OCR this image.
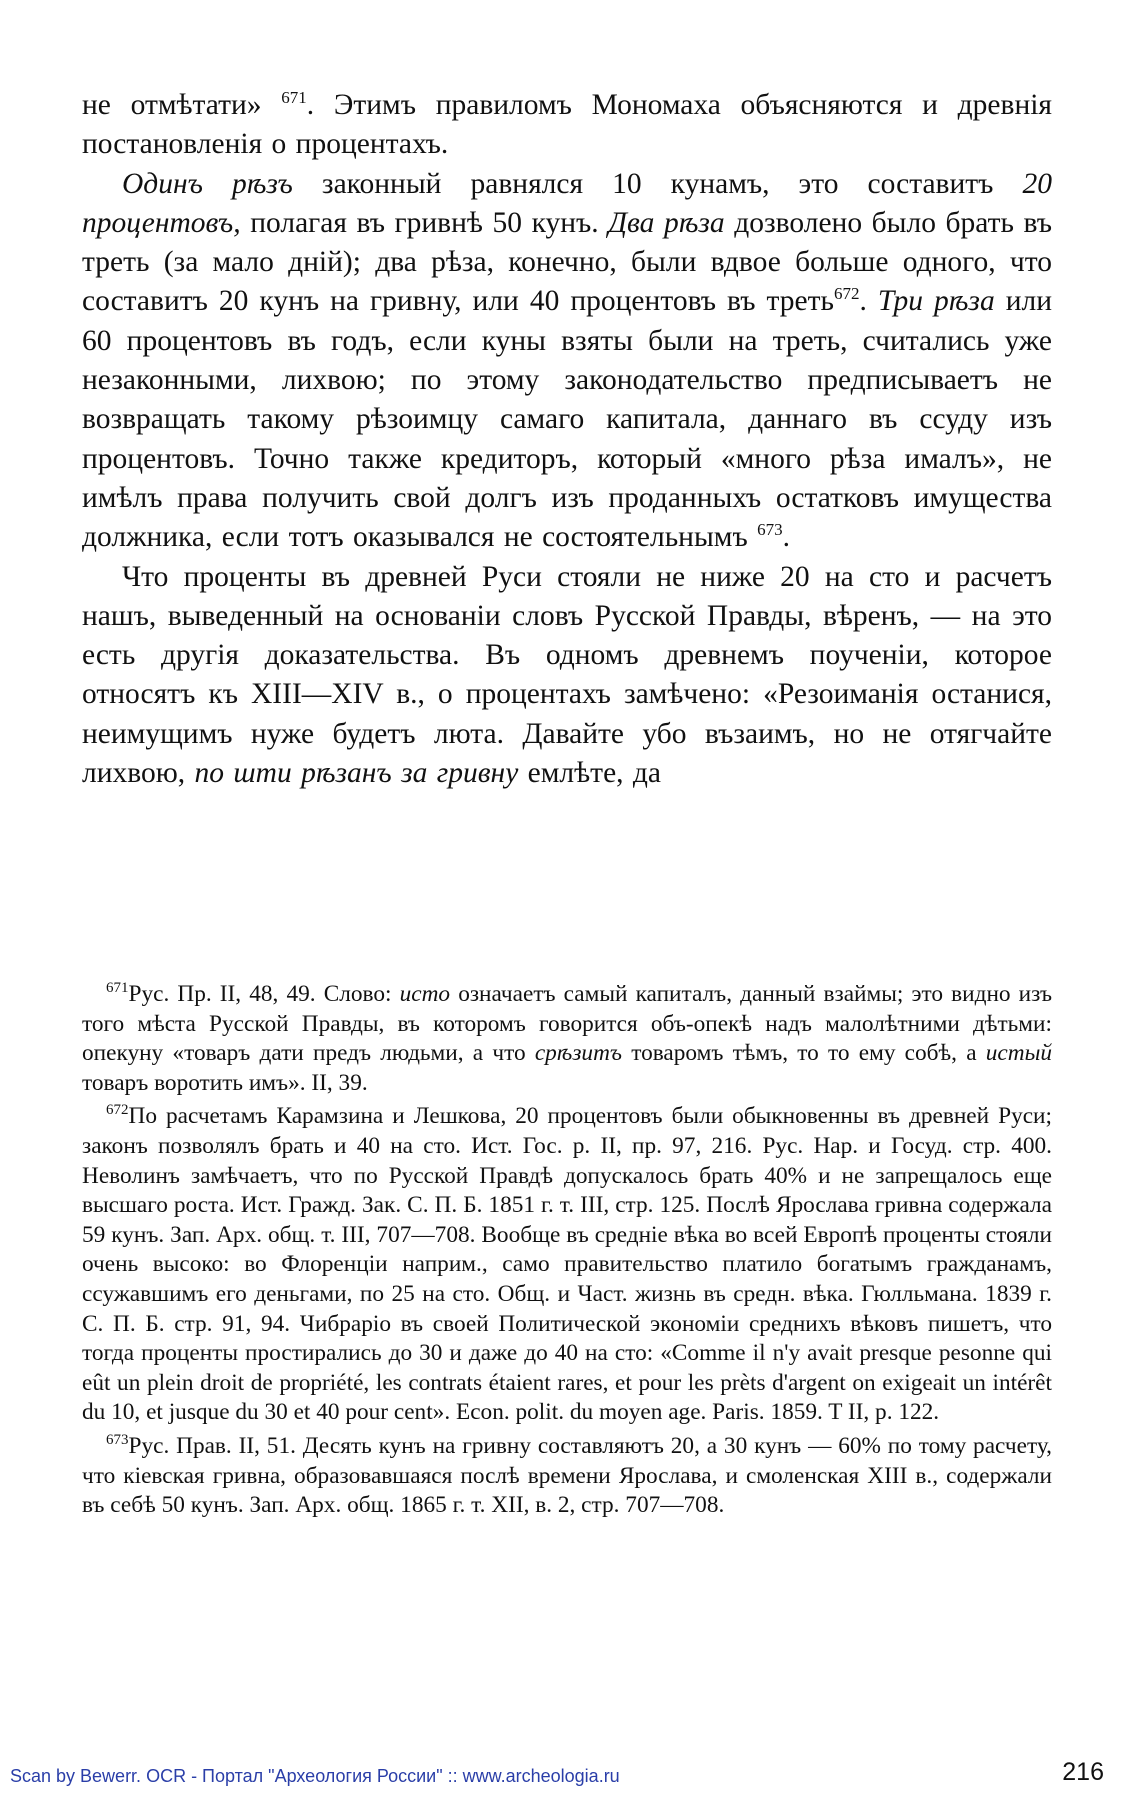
не отмѣтати» $^{671}$. Этимъ правиломъ Мономаха объясняются и древнія постановленія о процентахъ.

Одинъ рѣзъ законный равнялся 10 кунамъ, это составитъ 20 процентовъ, полагая въ гривнѣ 50 кунъ. Два рѣза дозволено было брать въ треть (за мало дній); два рѣза, конечно, были вдвое больше одного, что составитъ 20 кунъ на гривну, или 40 процентовъ въ треть$^{672}$. Три рѣза или 60 процентовъ въ годъ, если куны взяты были на треть, считались уже незаконными, лихвою; по этому законодательство предписываетъ не возвращать такому рѣзоимцу самаго капитала, даннаго въ ссуду изъ процентовъ. Точно также кредиторъ, который «много рѣза ималъ», не имѣлъ права получить свой долгъ изъ проданныхъ остатковъ имущества должника, если тотъ оказывался не состоятельнымъ $^{673}$.

Что проценты въ древней Руси стояли не ниже 20 на сто и расчетъ нашъ, выведенный на основаніи словъ Русской Правды, вѣренъ, — на это есть другія доказательства. Въ одномъ древнемъ поученіи, которое относятъ къ XIII—XIV в., о процентахъ замѣчено: «Резоиманія останися, неимущимъ нуже будетъ люта. Давайте убо възаимъ, но не отягчайте лихвою, по шти рѣзанъ за гривну емлѣте, да

$^{671}$Рус. Пр. II, 48, 49. Слово: исто означаетъ самый капиталъ, данный взаймы; это видно изъ того мѣста Русской Правды, въ которомъ говорится объ-опекѣ надъ малолѣтними дѣтьми: опекуну «товаръ дати предъ людьми, а что срѣзитъ товаромъ тѣмъ, то то ему собѣ, а истый товаръ воротить имъ». II, 39.

$^{672}$По расчетамъ Карамзина и Лешкова, 20 процентовъ были обыкновенны въ древней Руси; законъ позволялъ брать и 40 на сто. Ист. Гос. р. II, пр. 97, 216. Рус. Нар. и Госуд. стр. 400. Неволинъ замѣчаетъ, что по Русской Правдѣ допускалось брать 40% и не запрещалось еще высшаго роста. Ист. Гражд. Зак. С. П. Б. 1851 г. т. III, стр. 125. Послѣ Ярослава гривна содержала 59 кунъ. Зап. Арх. общ. т. III, 707—708. Вообще въ средніе вѣка во всей Европѣ проценты стояли очень высоко: во Флоренціи наприм., само правительство платило богатымъ гражданамъ, ссужавшимъ его деньгами, по 25 на сто. Общ. и Част. жизнь въ средн. вѣка. Гюлльмана. 1839 г. С. П. Б. стр. 91, 94. Чибраріо въ своей Политической экономіи среднихъ вѣковъ пишетъ, что тогда проценты простирались до 30 и даже до 40 на сто: «Comme il n'y avait presque pesonne qui eût un plein droit de propriété, les contrats étaient rares, et pour les prèts d'argent on exigeait un intérêt du 10, et jusque du 30 et 40 pour cent». Econ. polit. du moyen age. Paris. 1859. T II, p. 122.

$^{673}$Рус. Прав. II, 51. Десять кунъ на гривну составляютъ 20, а 30 кунъ — 60% по тому расчету, что кіевская гривна, образовавшаяся послѣ времени Ярослава, и смоленская XIII в., содержали въ себѣ 50 кунъ. Зап. Арх. общ. 1865 г. т. XII, в. 2, стр. 707—708.

Scan by Bewerr. OCR - Портал "Археология России" :: www.archeologia.ru	216
